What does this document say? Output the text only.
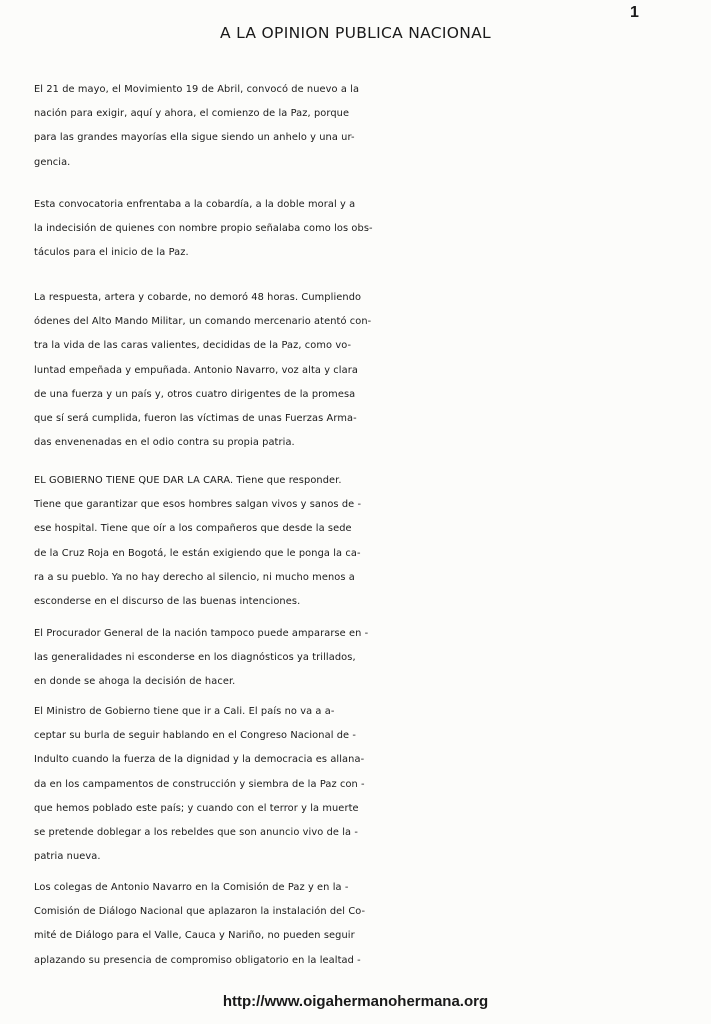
1
A LA OPINION PUBLICA NACIONAL
El 21 de mayo, el Movimiento 19 de Abril, convocó de nuevo a la
nación para exigir, aquí y ahora, el comienzo de la Paz, porque
para las grandes mayorías ella sigue siendo un anhelo y una ur-
gencia.
Esta convocatoria enfrentaba a la cobardía, a la doble moral y a
la indecisión de quienes con nombre propio señalaba como los obs-
táculos para el inicio de la Paz.
La respuesta, artera y cobarde, no demoró 48 horas. Cumpliendo
ódenes del Alto Mando Militar, un comando mercenario atentó con-
tra la vida de las caras valientes, decididas de la Paz, como vo-
luntad empeñada y empuñada. Antonio Navarro, voz alta y clara
de una fuerza y un país y, otros cuatro dirigentes de la promesa
que sí será cumplida, fueron las víctimas de unas Fuerzas Arma-
das envenenadas en el odio contra su propia patria.
EL GOBIERNO TIENE QUE DAR LA CARA. Tiene que responder.
Tiene que garantizar que esos hombres salgan vivos y sanos de -
ese hospital. Tiene que oír a los compañeros que desde la sede
de la Cruz Roja en Bogotá, le están exigiendo que le ponga la ca-
ra a su pueblo. Ya no hay derecho al silencio, ni mucho menos a
esconderse en el discurso de las buenas intenciones.
El Procurador General de la nación tampoco puede ampararse en -
las generalidades ni esconderse en los diagnósticos ya trillados,
en donde se ahoga la decisión de hacer.
El Ministro de Gobierno tiene que ir a Cali. El país no va a a-
ceptar su burla de seguir hablando en el Congreso Nacional de -
Indulto cuando la fuerza de la dignidad y la democracia es allana-
da en los campamentos de construcción y siembra de la Paz con -
que hemos poblado este país; y cuando con el terror y la muerte
se pretende doblegar a los rebeldes que son anuncio vivo de la -
patria nueva.
Los colegas de Antonio Navarro en la Comisión de Paz y en la -
Comisión de Diálogo Nacional que aplazaron la instalación del Co-
mité de Diálogo para el Valle, Cauca y Nariño, no pueden seguir
aplazando su presencia de compromiso obligatorio en la lealtad -
http://www.oigahermanohermana.org
